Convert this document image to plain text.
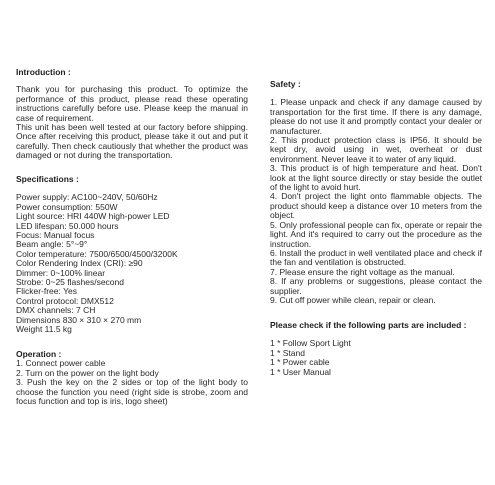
Introduction :
Thank you for purchasing this product. To optimize the performance of this product, please read these operating instructions carefully before use. Please keep the manual in case of requirement.
This unit has been well tested at our factory before shipping. Once after receiving this product, please take it out and put it carefully. Then check cautiously that whether the product was damaged or not during the transportation.
Specifications :
Power supply: AC100~240V, 50/60Hz
Power consumption: 550W
Light source: HRI 440W high-power LED
LED lifespan: 50.000 hours
Focus: Manual focus
Beam angle: 5°~9°
Color temperature: 7500/6500/4500/3200K
Color Rendering Index (CRI): ≥90
Dimmer: 0~100% linear
Strobe: 0~25 flashes/second
Flicker-free: Yes
Control protocol: DMX512
DMX channels: 7 CH
Dimensions 830 × 310 × 270 mm
Weight 11.5 kg
Operation :
1. Connect power cable
2. Turn on the power on the light body
3. Push the key on the 2 sides or top of the light body to choose the function you need (right side is strobe, zoom and focus function and top is iris, logo sheet)
Safety :
1. Please unpack and check if any damage caused by transportation for the first time. If there is any damage, please do not use it and promptly contact your dealer or manufacturer.
2. This product protection class is IP56. It should be kept dry, avoid using in wet, overheat or dust environment. Never leave it to water of any liquid.
3. This product is of high temperature and heat. Don't look at the light source directly or stay beside the outlet of the light to avoid hurt.
4. Don't project the light onto flammable objects. The product should keep a distance over 10 meters from the object.
5. Only professional people can fix, operate or repair the light. And it's required to carry out the procedure as the instruction.
6. Install the product in well ventilated place and check if the fan and ventilation is obstructed.
7. Please ensure the right voltage as the manual.
8. If any problems or suggestions, please contact the supplier.
9. Cut off power while clean, repair or clean.
Please check if the following parts are included :
1 * Follow Sport Light
1 * Stand
1 * Power cable
1 * User Manual
